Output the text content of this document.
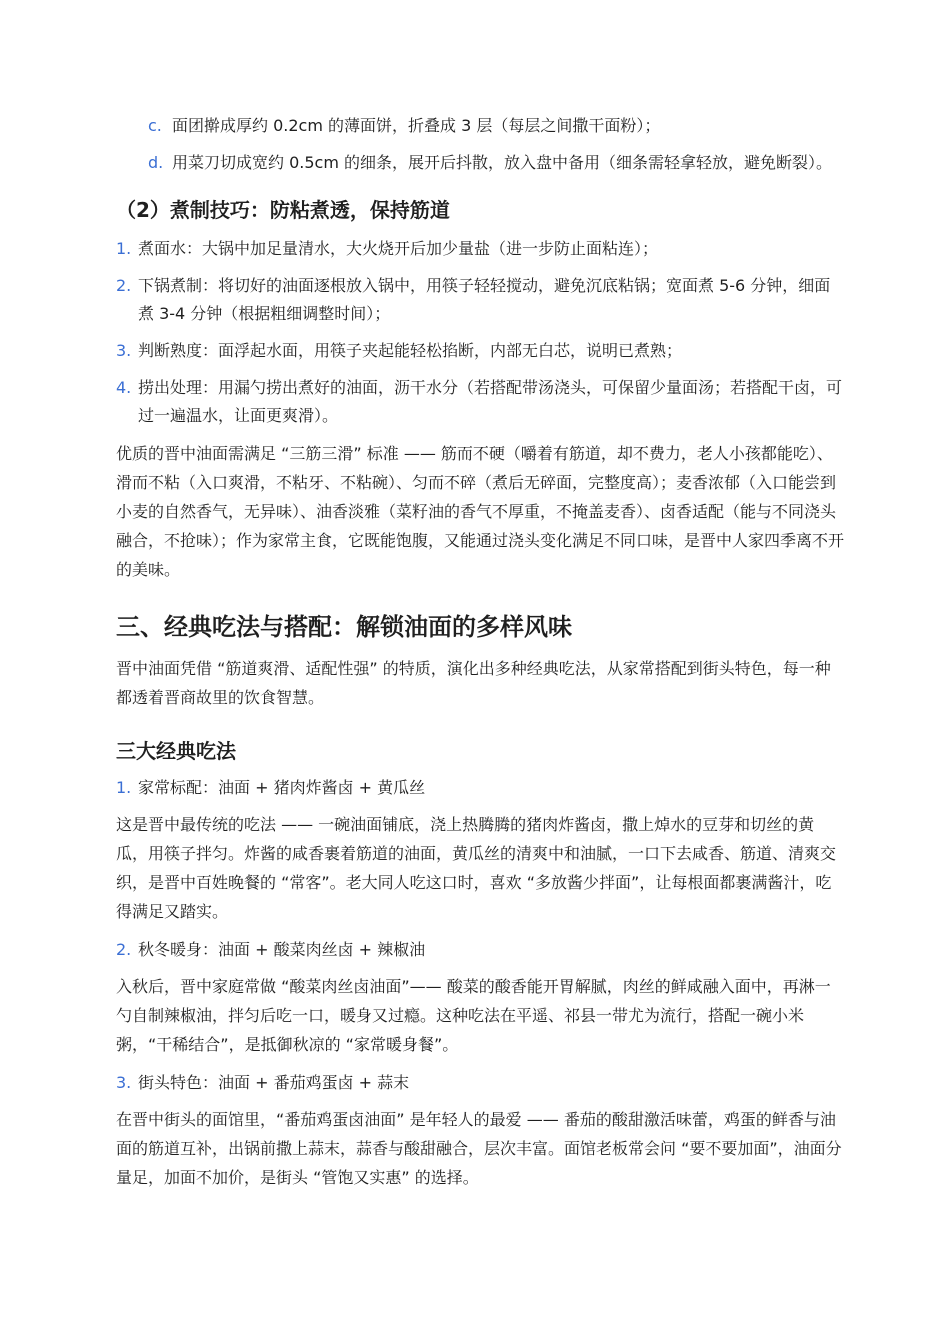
c. 面团擀成厚约 0.2cm 的薄面饼，折叠成 3 层（每层之间撒干面粉）；
d. 用菜刀切成宽约 0.5cm 的细条，展开后抖散，放入盘中备用（细条需轻拿轻放，避免断裂）。
（2）煮制技巧：防粘煮透，保持筋道
1. 煮面水：大锅中加足量清水，大火烧开后加少量盐（进一步防止面粘连）；
2. 下锅煮制：将切好的油面逐根放入锅中，用筷子轻轻搅动，避免沉底粘锅；宽面煮 5-6 分钟，细面煮 3-4 分钟（根据粗细调整时间）；
3. 判断熟度：面浮起水面，用筷子夹起能轻松掐断，内部无白芯，说明已煮熟；
4. 捞出处理：用漏勺捞出煮好的油面，沥干水分（若搭配带汤浇头，可保留少量面汤；若搭配干卤，可过一遍温水，让面更爽滑）。

优质的晋中油面需满足 “三筋三滑” 标准 —— 筋而不硬（嚼着有筋道，却不费力，老人小孩都能吃）、滑而不粘（入口爽滑，不粘牙、不粘碗）、匀而不碎（煮后无碎面，完整度高）；麦香浓郁（入口能尝到小麦的自然香气，无异味）、油香淡雅（菜籽油的香气不厚重，不掩盖麦香）、卤香适配（能与不同浇头融合，不抢味）；作为家常主食，它既能饱腹，又能通过浇头变化满足不同口味，是晋中人家四季离不开的美味。

三、经典吃法与搭配：解锁油面的多样风味

晋中油面凭借 “筋道爽滑、适配性强” 的特质，演化出多种经典吃法，从家常搭配到街头特色，每一种都透着晋商故里的饮食智慧。

三大经典吃法
1. 家常标配：油面 + 猪肉炸酱卤 + 黄瓜丝

这是晋中最传统的吃法 —— 一碗油面铺底，浇上热腾腾的猪肉炸酱卤，撒上焯水的豆芽和切丝的黄瓜，用筷子拌匀。炸酱的咸香裹着筋道的油面，黄瓜丝的清爽中和油腻，一口下去咸香、筋道、清爽交织，是晋中百姓晚餐的 “常客”。老大同人吃这口时，喜欢 “多放酱少拌面”，让每根面都裹满酱汁，吃得满足又踏实。

2. 秋冬暖身：油面 + 酸菜肉丝卤 + 辣椒油

入秋后，晋中家庭常做 “酸菜肉丝卤油面”—— 酸菜的酸香能开胃解腻，肉丝的鲜咸融入面中，再淋一勺自制辣椒油，拌匀后吃一口，暖身又过瘾。这种吃法在平遥、祁县一带尤为流行，搭配一碗小米粥，“干稀结合”，是抵御秋凉的 “家常暖身餐”。

3. 街头特色：油面 + 番茄鸡蛋卤 + 蒜末

在晋中街头的面馆里，“番茄鸡蛋卤油面” 是年轻人的最爱 —— 番茄的酸甜激活味蕾，鸡蛋的鲜香与油面的筋道互补，出锅前撒上蒜末，蒜香与酸甜融合，层次丰富。面馆老板常会问 “要不要加面”，油面分量足，加面不加价，是街头 “管饱又实惠” 的选择。
